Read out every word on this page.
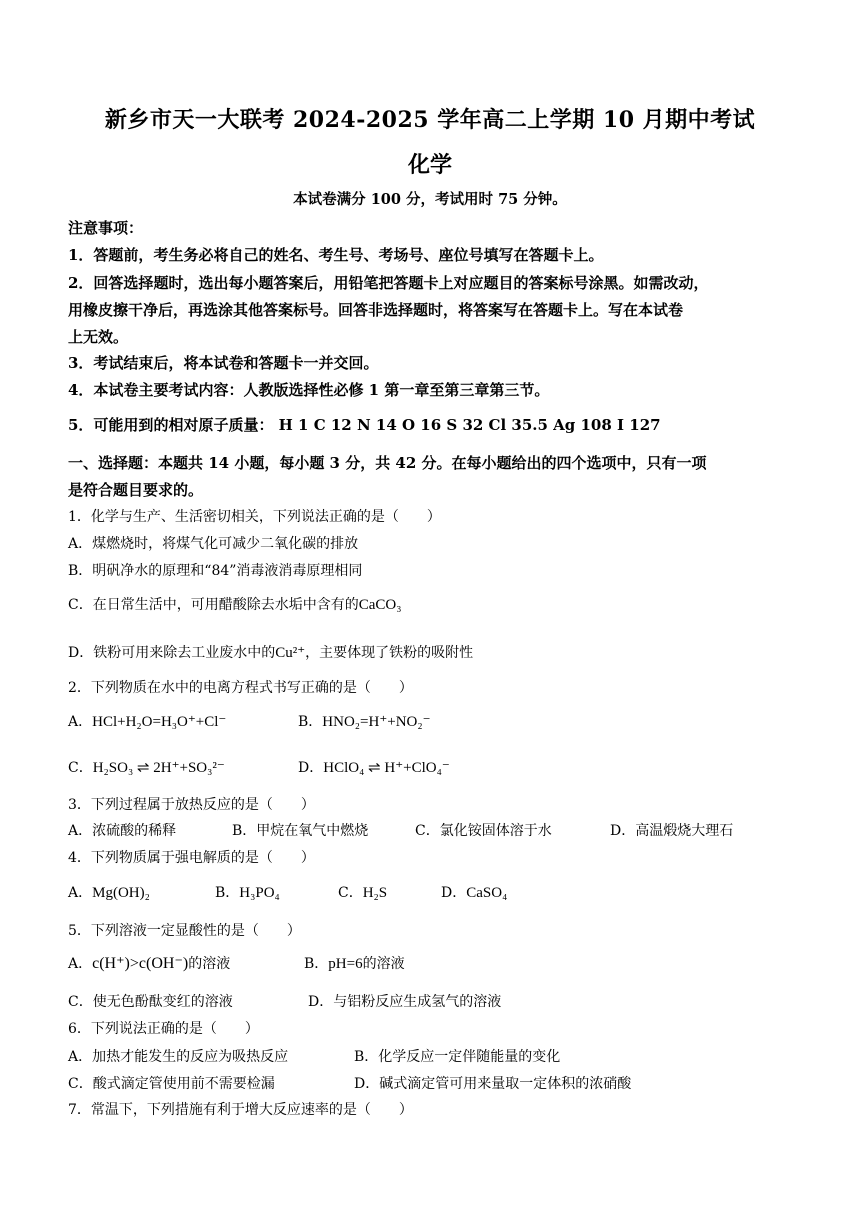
新乡市天一大联考 2024-2025 学年高二上学期 10 月期中考试
化学
本试卷满分 100 分，考试用时 75 分钟。
注意事项：
1．答题前，考生务必将自己的姓名、考生号、考场号、座位号填写在答题卡上。
2．回答选择题时，选出每小题答案后，用铅笔把答题卡上对应题目的答案标号涂黑。如需改动，
用橡皮擦干净后，再选涂其他答案标号。回答非选择题时，将答案写在答题卡上。写在本试卷
上无效。
3．考试结束后，将本试卷和答题卡一并交回。
4．本试卷主要考试内容：人教版选择性必修 1 第一章至第三章第三节。
5．可能用到的相对原子质量： H 1 C 12 N 14 O 16 S 32 Cl 35.5 Ag 108 I 127
一、选择题：本题共 14 小题，每小题 3 分，共 42 分。在每小题给出的四个选项中，只有一项
是符合题目要求的。
1．化学与生产、生活密切相关，下列说法正确的是（　　）
A．煤燃烧时，将煤气化可减少二氧化碳的排放
B．明矾净水的原理和“84”消毒液消毒原理相同
C．在日常生活中，可用醋酸除去水垢中含有的CaCO₃
D．铁粉可用来除去工业废水中的Cu²⁺，主要体现了铁粉的吸附性
2．下列物质在水中的电离方程式书写正确的是（　　）
A．HCl+H₂O=H₃O⁺+Cl⁻	B．HNO₂=H⁺+NO₂⁻
C．H₂SO₃ ⇌ 2H⁺+SO₃²⁻	D．HClO₄ ⇌ H⁺+ClO₄⁻
3．下列过程属于放热反应的是（　　）
A．浓硫酸的稀释	B．甲烷在氧气中燃烧	C．氯化铵固体溶于水	D．高温煅烧大理石
4．下列物质属于强电解质的是（　　）
A．Mg(OH)₂	B．H₃PO₄	C．H₂S	D．CaSO₄
5．下列溶液一定显酸性的是（　　）
A．c(H⁺)>c(OH⁻)的溶液	B．pH=6的溶液
C．使无色酚酞变红的溶液	D．与铝粉反应生成氢气的溶液
6．下列说法正确的是（　　）
A．加热才能发生的反应为吸热反应	B．化学反应一定伴随能量的变化
C．酸式滴定管使用前不需要检漏	D．碱式滴定管可用来量取一定体积的浓硝酸
7．常温下，下列措施有利于增大反应速率的是（　　）
